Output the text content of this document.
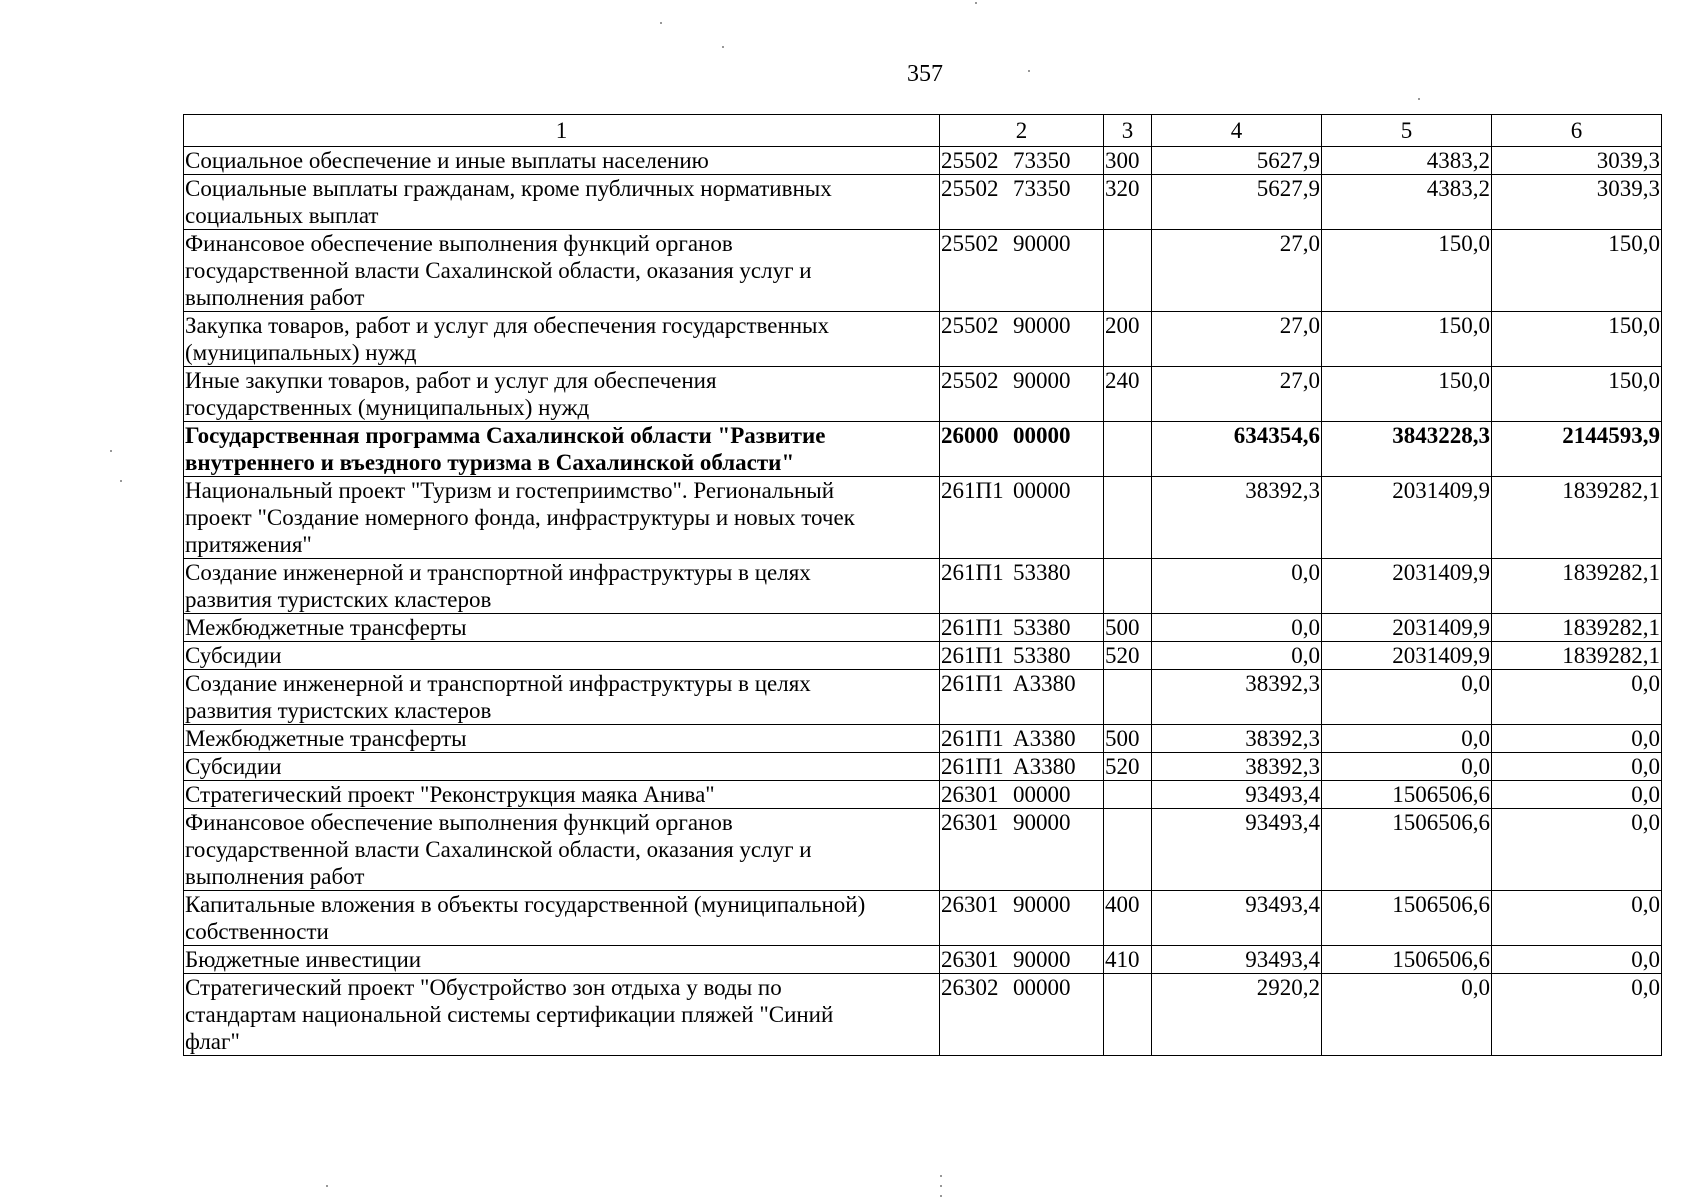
357
1	2	3	4	5	6
Социальное обеспечение и иные выплаты населению	25502 73350	300	5627,9	4383,2	3039,3
Социальные выплаты гражданам, кроме публичных нормативных
социальных выплат	25502 73350	320	5627,9	4383,2	3039,3
Финансовое обеспечение выполнения функций органов
государственной власти Сахалинской области, оказания услуг и
выполнения работ	25502 90000		27,0	150,0	150,0
Закупка товаров, работ и услуг для обеспечения государственных
(муниципальных) нужд	25502 90000	200	27,0	150,0	150,0
Иные закупки товаров, работ и услуг для обеспечения
государственных (муниципальных) нужд	25502 90000	240	27,0	150,0	150,0
Государственная программа Сахалинской области "Развитие
внутреннего и въездного туризма в Сахалинской области"	26000 00000		634354,6	3843228,3	2144593,9
Национальный проект "Туризм и гостеприимство". Региональный
проект "Создание номерного фонда, инфраструктуры и новых точек
притяжения"	261П1 00000		38392,3	2031409,9	1839282,1
Создание инженерной и транспортной инфраструктуры в целях
развития туристских кластеров	261П1 53380		0,0	2031409,9	1839282,1
Межбюджетные трансферты	261П1 53380	500	0,0	2031409,9	1839282,1
Субсидии	261П1 53380	520	0,0	2031409,9	1839282,1
Создание инженерной и транспортной инфраструктуры в целях
развития туристских кластеров	261П1 А3380		38392,3	0,0	0,0
Межбюджетные трансферты	261П1 А3380	500	38392,3	0,0	0,0
Субсидии	261П1 А3380	520	38392,3	0,0	0,0
Стратегический проект "Реконструкция маяка Анива"	26301 00000		93493,4	1506506,6	0,0
Финансовое обеспечение выполнения функций органов
государственной власти Сахалинской области, оказания услуг и
выполнения работ	26301 90000		93493,4	1506506,6	0,0
Капитальные вложения в объекты государственной (муниципальной)
собственности	26301 90000	400	93493,4	1506506,6	0,0
Бюджетные инвестиции	26301 90000	410	93493,4	1506506,6	0,0
Стратегический проект "Обустройство зон отдыха у воды по
стандартам национальной системы сертификации пляжей "Синий
флаг"	26302 00000		2920,2	0,0	0,0
